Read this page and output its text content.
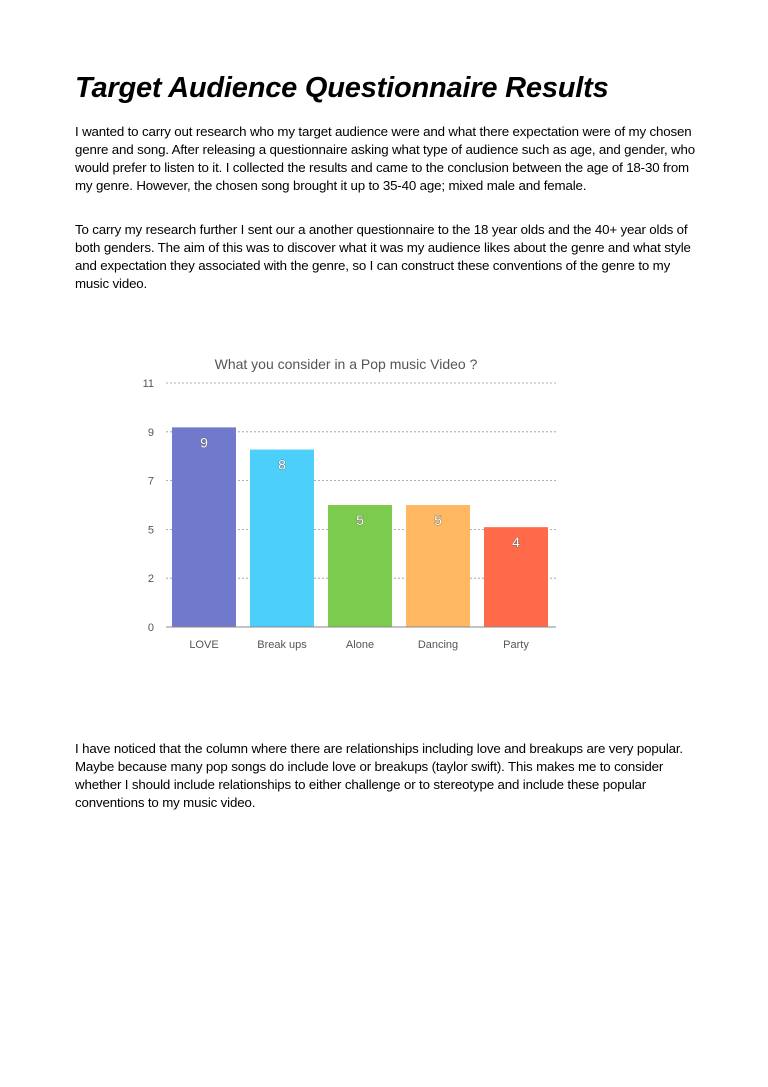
Target Audience Questionnaire Results

I wanted to carry out research who my target audience were and what there expectation were of my chosen genre and song. After releasing a questionnaire asking what type of audience such as age, and gender, who would prefer to listen to it. I collected the results and came to the conclusion between the age of 18-30 from my genre. However, the chosen song brought it up to 35-40 age; mixed male and female.

To carry my research further I sent our a another questionnaire to the 18 year olds and the 40+ year olds of both genders. The aim of this was to discover what it was my audience likes about the genre and what style and expectation they associated with the genre, so I can construct these conventions of the genre to my music video.

What you consider in a Pop music Video ?
9
8
5	5
4
0
2
5
7
9
11
LOVE	Break ups	Alone	Dancing	Party

I have noticed that the column where there are relationships including love and breakups are very popular. Maybe because many pop songs do include love or breakups (taylor swift). This makes me to consider whether I should include relationships to either challenge or to stereotype and include these popular conventions to my music video.
